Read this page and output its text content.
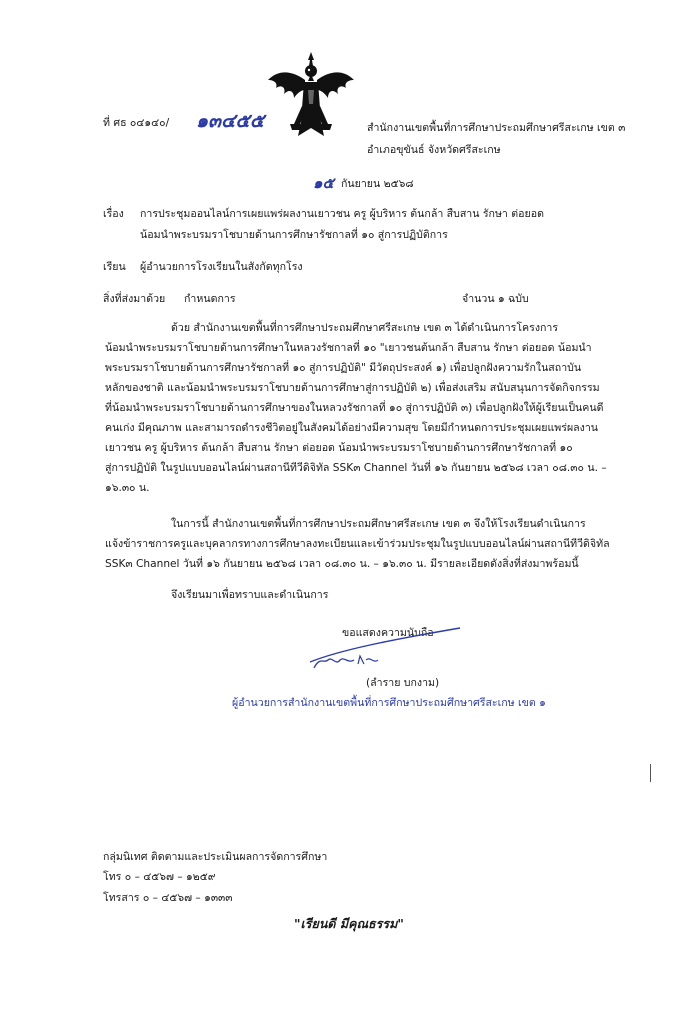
ที่ ศธ ๐๔๑๔๐/ ๑๓๔๕๕	สำนักงานเขตพื้นที่การศึกษาประถมศึกษาศรีสะเกษ เขต ๓
อำเภอขุขันธ์ จังหวัดศรีสะเกษ
๑๕ กันยายน ๒๕๖๘
เรื่อง การประชุมออนไลน์การเผยแพร่ผลงานเยาวชน ครู ผู้บริหาร ต้นกล้า สืบสาน รักษา ต่อยอด
น้อมนำพระบรมราโชบายด้านการศึกษารัชกาลที่ ๑๐ สู่การปฏิบัติการ
เรียน ผู้อำนวยการโรงเรียนในสังกัดทุกโรง
สิ่งที่ส่งมาด้วย กำหนดการ	จำนวน ๑ ฉบับ
ด้วย สำนักงานเขตพื้นที่การศึกษาประถมศึกษาศรีสะเกษ เขต ๓ ได้ดำเนินการโครงการ
น้อมนำพระบรมราโชบายด้านการศึกษาในหลวงรัชกาลที่ ๑๐ "เยาวชนต้นกล้า สืบสาน รักษา ต่อยอด น้อมนำ
พระบรมราโชบายด้านการศึกษารัชกาลที่ ๑๐ สู่การปฏิบัติ" มีวัตถุประสงค์ ๑) เพื่อปลูกฝังความรักในสถาบัน
หลักของชาติ และน้อมนำพระบรมราโชบายด้านการศึกษาสู่การปฏิบัติ ๒) เพื่อส่งเสริม สนับสนุนการจัดกิจกรรม
ที่น้อมนำพระบรมราโชบายด้านการศึกษาของในหลวงรัชกาลที่ ๑๐ สู่การปฏิบัติ ๓) เพื่อปลูกฝังให้ผู้เรียนเป็นคนดี
คนเก่ง มีคุณภาพ และสามารถดำรงชีวิตอยู่ในสังคมได้อย่างมีความสุข โดยมีกำหนดการประชุมเผยแพร่ผลงาน
เยาวชน ครู ผู้บริหาร ต้นกล้า สืบสาน รักษา ต่อยอด น้อมนำพระบรมราโชบายด้านการศึกษารัชกาลที่ ๑๐
สู่การปฏิบัติ ในรูปแบบออนไลน์ผ่านสถานีทีวีดิจิทัล SSK๓ Channel วันที่ ๑๖ กันยายน ๒๕๖๘ เวลา ๐๘.๓๐ น. –
๑๖.๓๐ น.
ในการนี้ สำนักงานเขตพื้นที่การศึกษาประถมศึกษาศรีสะเกษ เขต ๓ จึงให้โรงเรียนดำเนินการ
แจ้งข้าราชการครูและบุคลากรทางการศึกษาลงทะเบียนและเข้าร่วมประชุมในรูปแบบออนไลน์ผ่านสถานีทีวีดิจิทัล
SSK๓ Channel วันที่ ๑๖ กันยายน ๒๕๖๘ เวลา ๐๘.๓๐ น. – ๑๖.๓๐ น. มีรายละเอียดดังสิ่งที่ส่งมาพร้อมนี้
จึงเรียนมาเพื่อทราบและดำเนินการ
ขอแสดงความนับถือ
(ลำราย บกงาม)
ผู้อำนวยการสำนักงานเขตพื้นที่การศึกษาประถมศึกษาศรีสะเกษ เขต ๑
กลุ่มนิเทศ ติดตามและประเมินผลการจัดการศึกษา
โทร ๐ – ๔๕๖๗ – ๑๒๕๙
โทรสาร ๐ – ๔๕๖๗ – ๑๓๓๓
"เรียนดี มีคุณธรรม"
